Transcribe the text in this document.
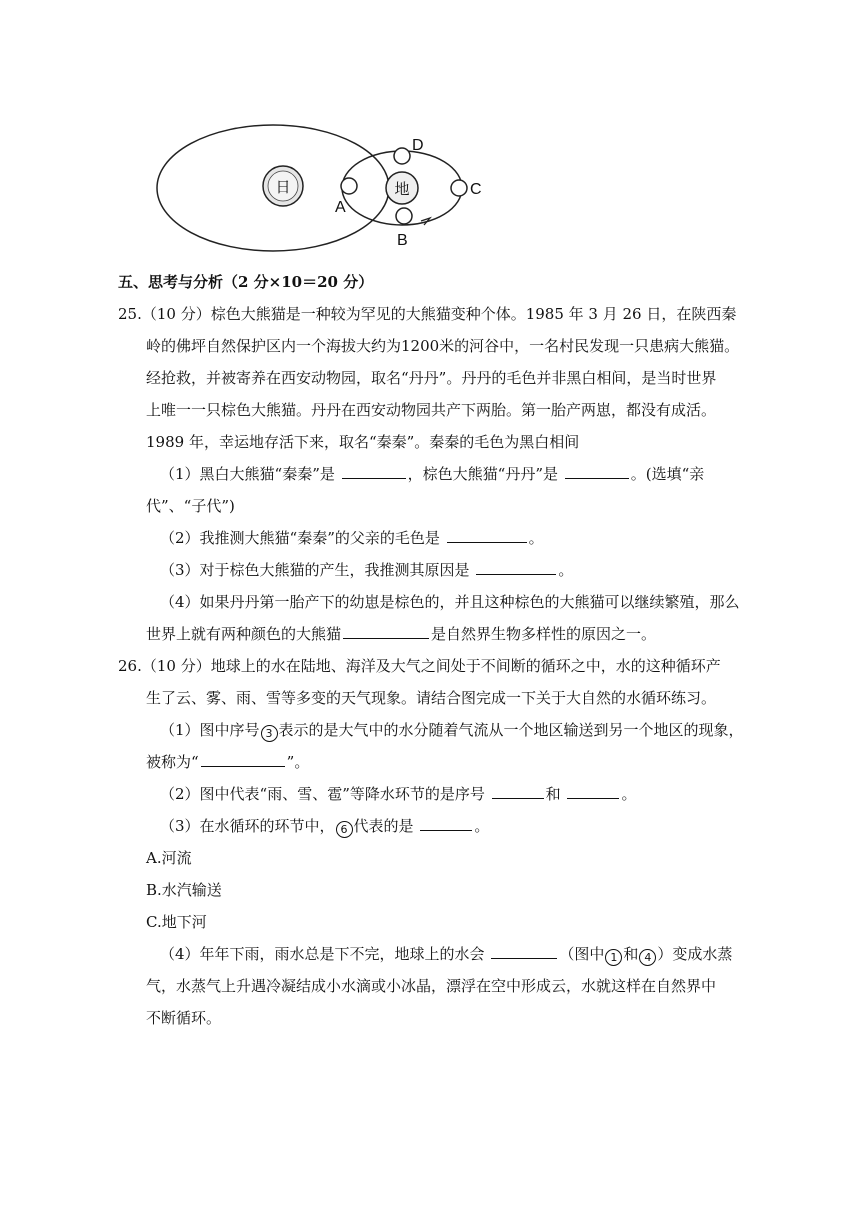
日	地
A
B
C
D
五、思考与分析（2 分×10＝20 分）
25.（10 分）棕色大熊猫是一种较为罕见的大熊猫变种个体。1985 年 3 月 26 日，在陕西秦
岭的佛坪自然保护区内一个海拔大约为1200米的河谷中，一名村民发现一只患病大熊猫。
经抢救，并被寄养在西安动物园，取名“丹丹”。丹丹的毛色并非黑白相间，是当时世界
上唯一一只棕色大熊猫。丹丹在西安动物园共产下两胎。第一胎产两崽，都没有成活。
1989 年，幸运地存活下来，取名“秦秦”。秦秦的毛色为黑白相间
（1）黑白大熊猫“秦秦”是	，棕色大熊猫“丹丹”是	。(选填“亲
代”、“子代”)
（2）我推测大熊猫“秦秦”的父亲的毛色是	。
（3）对于棕色大熊猫的产生，我推测其原因是	。
（4）如果丹丹第一胎产下的幼崽是棕色的，并且这种棕色的大熊猫可以继续繁殖，那么
世界上就有两种颜色的大熊猫	是自然界生物多样性的原因之一。
26.（10 分）地球上的水在陆地、海洋及大气之间处于不间断的循环之中，水的这种循环产
生了云、雾、雨、雪等多变的天气现象。请结合图完成一下关于大自然的水循环练习。
（1）图中序号 3 表示的是大气中的水分随着气流从一个地区输送到另一个地区的现象，
被称为“	”。
（2）图中代表“雨、雪、雹”等降水环节的是序号	和	。
（3）在水循环的环节中， 6 代表的是	。
A.河流
B.水汽输送
C.地下河
（4）年年下雨，雨水总是下不完，地球上的水会	（图中 1 和 4 ）变成水蒸
气，水蒸气上升遇冷凝结成小水滴或小冰晶，漂浮在空中形成云，水就这样在自然界中
不断循环。
